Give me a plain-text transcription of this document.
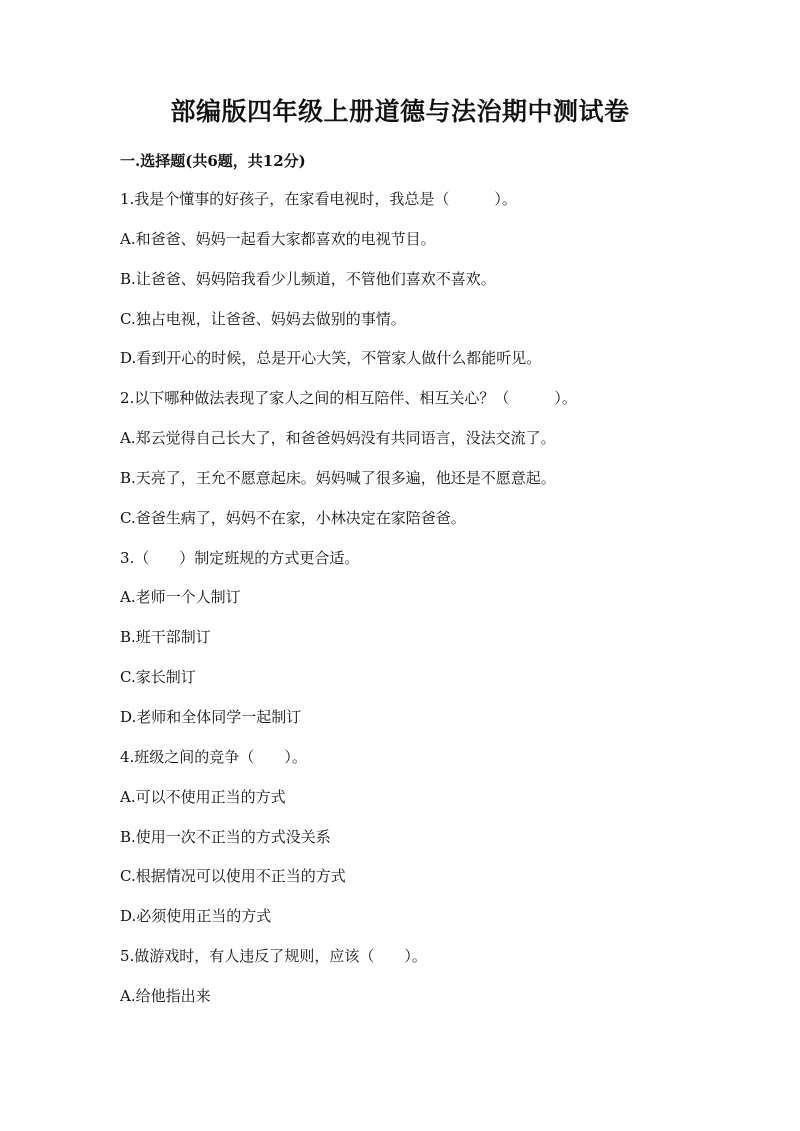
部编版四年级上册道德与法治期中测试卷
一.选择题(共6题，共12分)
1.我是个懂事的好孩子，在家看电视时，我总是（　　　）。
A.和爸爸、妈妈一起看大家都喜欢的电视节目。
B.让爸爸、妈妈陪我看少儿频道，不管他们喜欢不喜欢。
C.独占电视，让爸爸、妈妈去做别的事情。
D.看到开心的时候，总是开心大笑，不管家人做什么都能听见。
2.以下哪种做法表现了家人之间的相互陪伴、相互关心？（　　　）。
A.郑云觉得自己长大了，和爸爸妈妈没有共同语言，没法交流了。
B.天亮了，王允不愿意起床。妈妈喊了很多遍，他还是不愿意起。
C.爸爸生病了，妈妈不在家，小林决定在家陪爸爸。
3.（　　）制定班规的方式更合适。
A.老师一个人制订
B.班干部制订
C.家长制订
D.老师和全体同学一起制订
4.班级之间的竞争（　　）。
A.可以不使用正当的方式
B.使用一次不正当的方式没关系
C.根据情况可以使用不正当的方式
D.必须使用正当的方式
5.做游戏时，有人违反了规则，应该（　　）。
A.给他指出来
